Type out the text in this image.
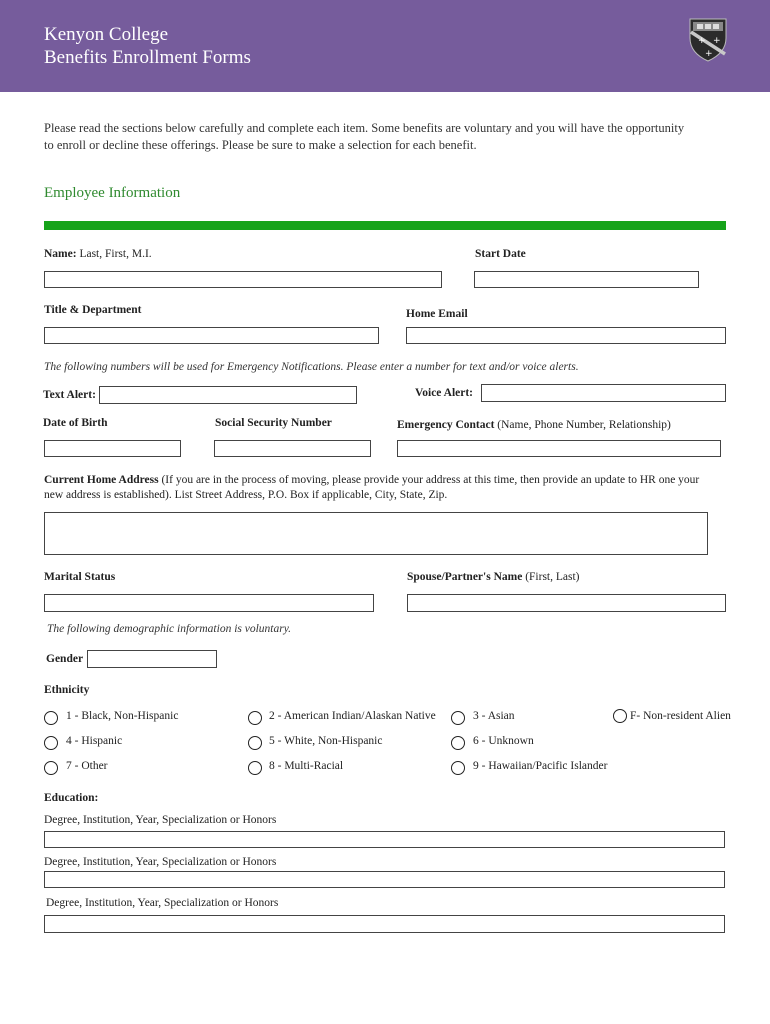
Kenyon College
Benefits Enrollment Forms
+ +
+
Please read the sections below carefully and complete each item. Some benefits are voluntary and you will have the opportunity to enroll or decline these offerings. Please be sure to make a selection for each benefit.
Employee Information
Name: Last, First, M.I.	Start Date
Title & Department	Home Email
The following numbers will be used for Emergency Notifications. Please enter a number for text and/or voice alerts.
Text Alert:	Voice Alert:
Date of Birth	Social Security Number	Emergency Contact (Name, Phone Number, Relationship)
Current Home Address (If you are in the process of moving, please provide your address at this time, then provide an update to HR one your new address is established). List Street Address, P.O. Box if applicable, City, State, Zip.
Marital Status	Spouse/Partner's Name (First, Last)
The following demographic information is voluntary.
Gender
Ethnicity
1 - Black, Non-Hispanic	2 - American Indian/Alaskan Native	3 - Asian	F- Non-resident Alien
4 - Hispanic	5 - White, Non-Hispanic	6 - Unknown
7 - Other	8 - Multi-Racial	9 - Hawaiian/Pacific Islander
Education:
Degree, Institution, Year, Specialization or Honors
Degree, Institution, Year, Specialization or Honors
Degree, Institution, Year, Specialization or Honors
